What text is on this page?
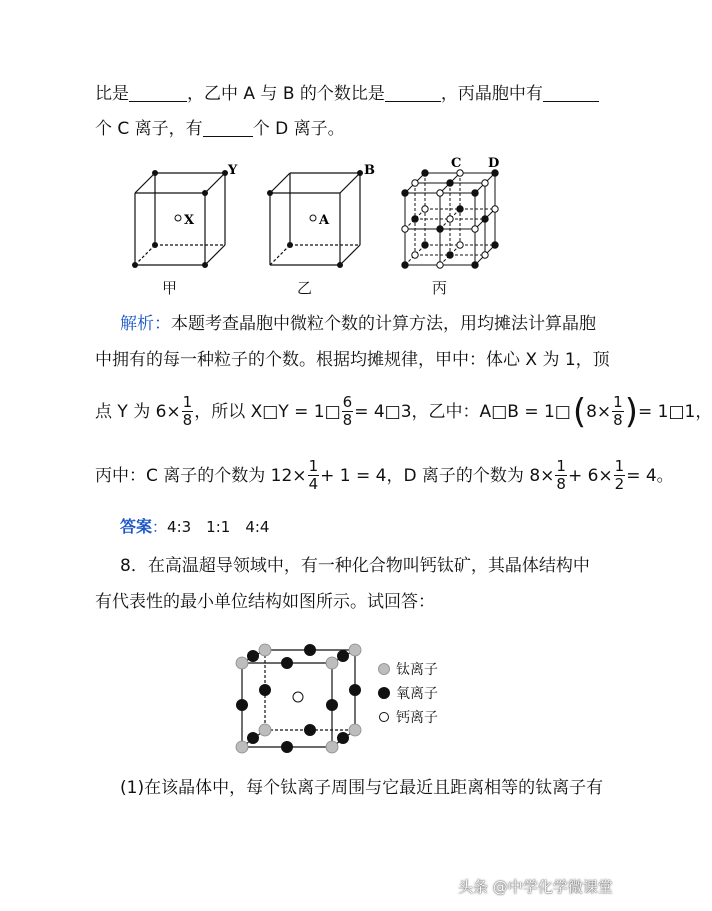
比是	，乙中 A 与 B 的个数比是	，丙晶胞中有
个 C 离子，有	个 D 离子。
X
Y
A
B	C D
甲	乙	丙
解析：本题考查晶胞中微粒个数的计算方法，用均摊法计算晶胞
中拥有的每一种粒子的个数。根据均摊规律，甲中：体心 X 为 1，顶
点 Y 为 $6\times \frac{1}{8}$ ，所以 X □ Y = 1 □ $\frac{6}{8} = 4$ □ 3，乙中：A □ B = 1 □ ( $8\times \frac{1}{8}$ ) = 1 □ 1，
丙中：C 离子的个数为 $12\times \frac{1}{4} + 1 = 4$，D 离子的个数为 $8\times \frac{1}{8} + 6\times \frac{1}{2} = 4$。
答案：4:3　1:1　4:4
8．在高温超导领域中，有一种化合物叫钙钛矿，其晶体结构中
有代表性的最小单位结构如图所示。试回答：
钛离子
氧离子
钙离子
(1)在该晶体中，每个钛离子周围与它最近且距离相等的钛离子有
头条 @中学化学微课堂
